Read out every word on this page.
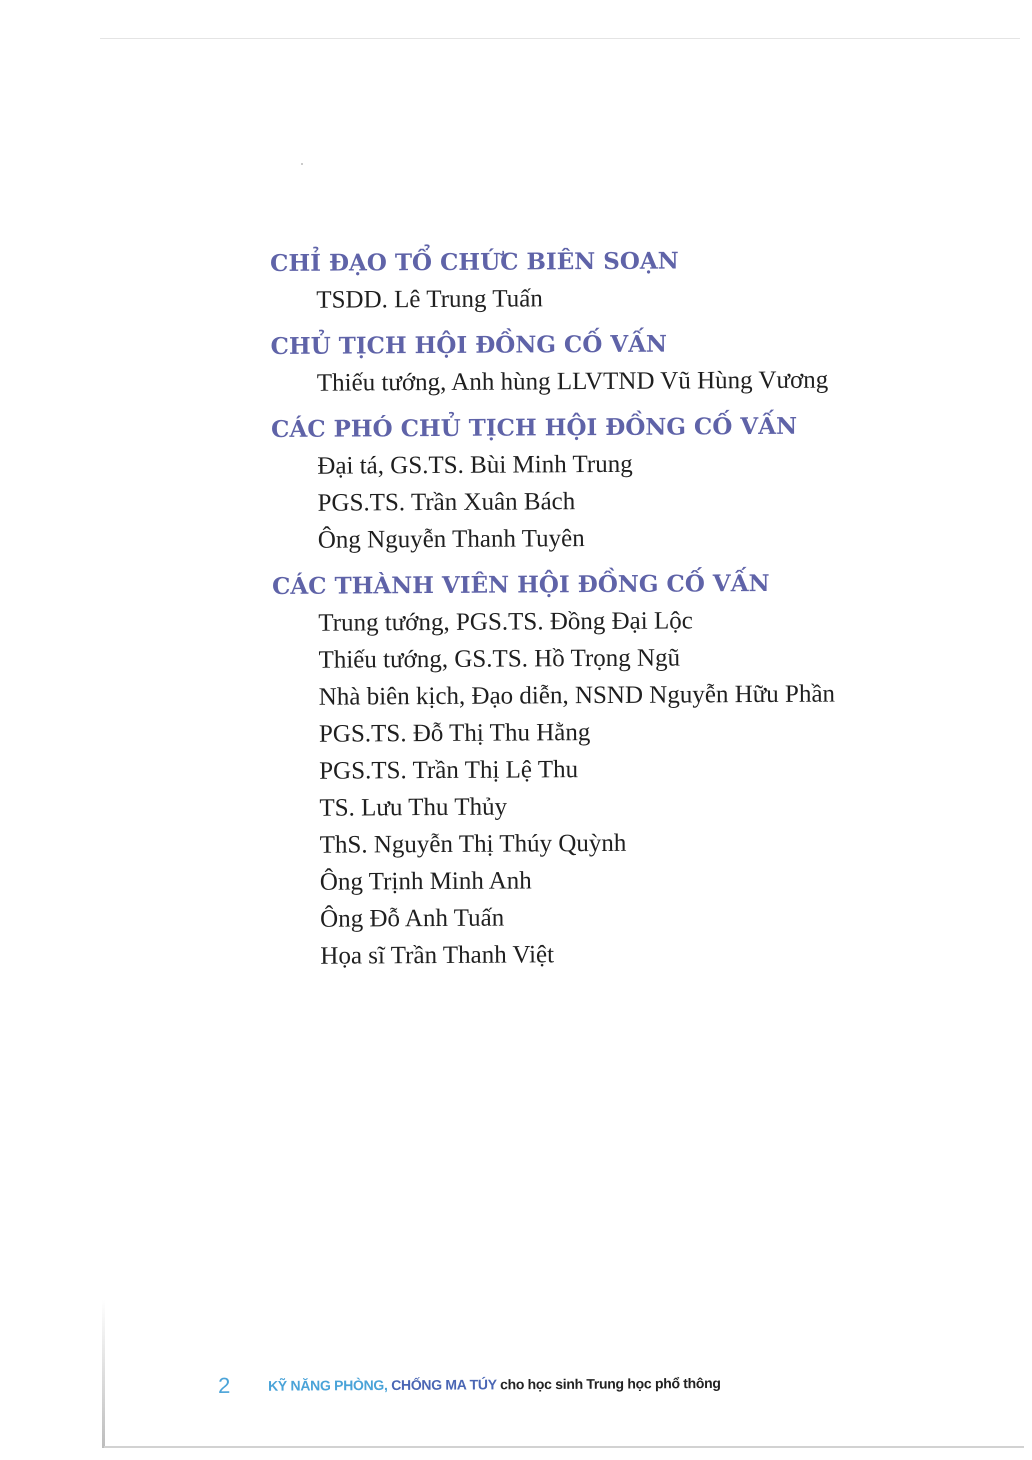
CHỈ ĐẠO TỔ CHỨC BIÊN SOẠN
TSDD. Lê Trung Tuấn
CHỦ TỊCH HỘI ĐỒNG CỐ VẤN
Thiếu tướng, Anh hùng LLVTND Vũ Hùng Vương
CÁC PHÓ CHỦ TỊCH HỘI ĐỒNG CỐ VẤN
Đại tá, GS.TS. Bùi Minh Trung
PGS.TS. Trần Xuân Bách
Ông Nguyễn Thanh Tuyên
CÁC THÀNH VIÊN HỘI ĐỒNG CỐ VẤN
Trung tướng, PGS.TS. Đồng Đại Lộc
Thiếu tướng, GS.TS. Hồ Trọng Ngũ
Nhà biên kịch, Đạo diễn, NSND Nguyễn Hữu Phần
PGS.TS. Đỗ Thị Thu Hằng
PGS.TS. Trần Thị Lệ Thu
TS. Lưu Thu Thủy
ThS. Nguyễn Thị Thúy Quỳnh
Ông Trịnh Minh Anh
Ông Đỗ Anh Tuấn
Họa sĩ Trần Thanh Việt
2	KỸ NĂNG PHÒNG, CHỐNG MA TÚY cho học sinh Trung học phổ thông
